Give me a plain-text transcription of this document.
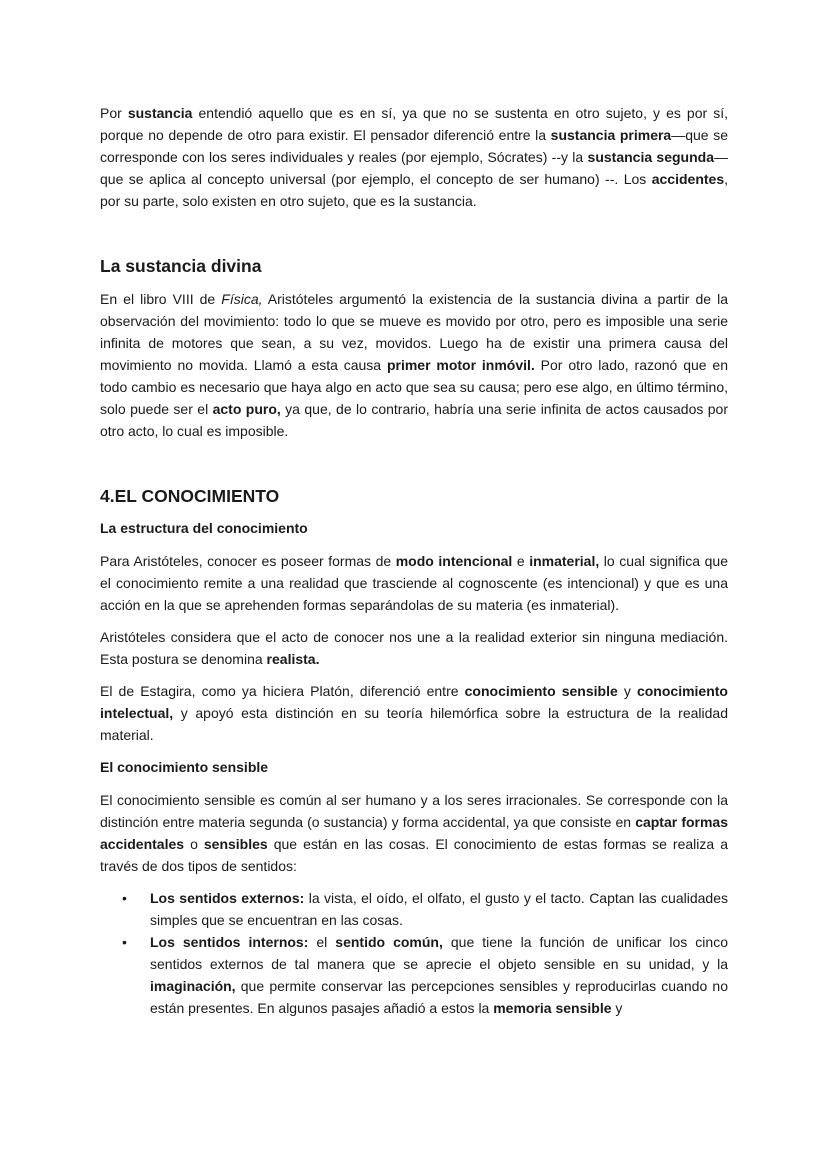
Por sustancia entendió aquello que es en sí, ya que no se sustenta en otro sujeto, y es por sí, porque no depende de otro para existir. El pensador diferenció entre la sustancia primera—que se corresponde con los seres individuales y reales (por ejemplo, Sócrates) --y la sustancia segunda—que se aplica al concepto universal (por ejemplo, el concepto de ser humano) --. Los accidentes, por su parte, solo existen en otro sujeto, que es la sustancia.

La sustancia divina

En el libro VIII de Física, Aristóteles argumentó la existencia de la sustancia divina a partir de la observación del movimiento: todo lo que se mueve es movido por otro, pero es imposible una serie infinita de motores que sean, a su vez, movidos. Luego ha de existir una primera causa del movimiento no movida. Llamó a esta causa primer motor inmóvil. Por otro lado, razonó que en todo cambio es necesario que haya algo en acto que sea su causa; pero ese algo, en último término, solo puede ser el acto puro, ya que, de lo contrario, habría una serie infinita de actos causados por otro acto, lo cual es imposible.

4.EL CONOCIMIENTO
La estructura del conocimiento

Para Aristóteles, conocer es poseer formas de modo intencional e inmaterial, lo cual significa que el conocimiento remite a una realidad que trasciende al cognoscente (es intencional) y que es una acción en la que se aprehenden formas separándolas de su materia (es inmaterial).

Aristóteles considera que el acto de conocer nos une a la realidad exterior sin ninguna mediación. Esta postura se denomina realista.

El de Estagira, como ya hiciera Platón, diferenció entre conocimiento sensible y conocimiento intelectual, y apoyó esta distinción en su teoría hilemórfica sobre la estructura de la realidad material.

El conocimiento sensible

El conocimiento sensible es común al ser humano y a los seres irracionales. Se corresponde con la distinción entre materia segunda (o sustancia) y forma accidental, ya que consiste en captar formas accidentales o sensibles que están en las cosas. El conocimiento de estas formas se realiza a través de dos tipos de sentidos:

• Los sentidos externos: la vista, el oído, el olfato, el gusto y el tacto. Captan las cualidades simples que se encuentran en las cosas.
• Los sentidos internos: el sentido común, que tiene la función de unificar los cinco sentidos externos de tal manera que se aprecie el objeto sensible en su unidad, y la imaginación, que permite conservar las percepciones sensibles y reproducirlas cuando no están presentes. En algunos pasajes añadió a estos la memoria sensible y
